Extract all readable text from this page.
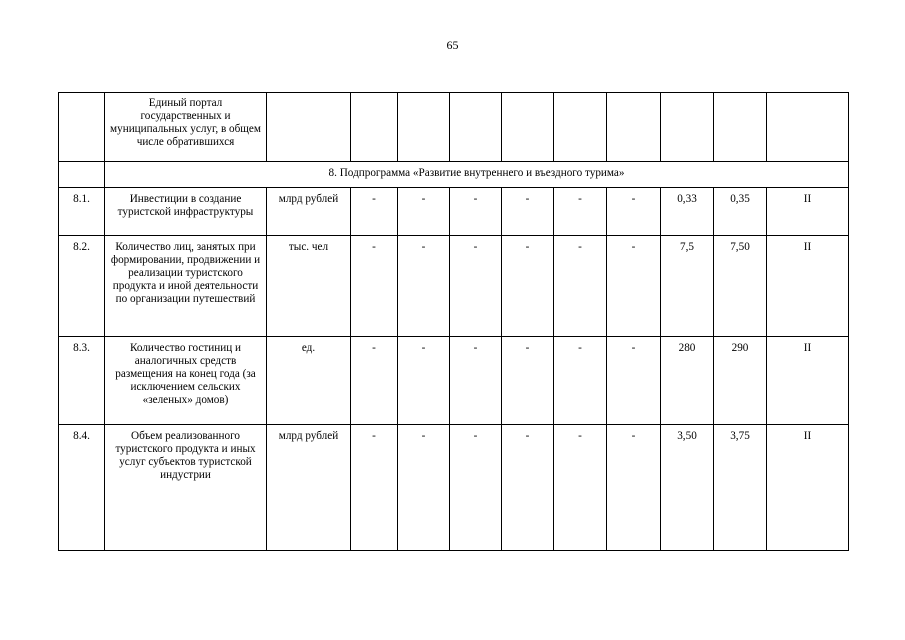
65
	Единый портал государственных и муниципальных услуг, в общем числе обратившихся										
	8. Подпрограмма «Развитие внутреннего и въездного турима»										
8.1.	Инвестиции в создание туристской инфраструктуры	млрд рублей	-	-	-	-	-	-	0,33	0,35	II
8.2.	Количество лиц, занятых при формировании, продвижении и реализации туристского продукта и иной деятельности по организации путешествий	тыс. чел	-	-	-	-	-	-	7,5	7,50	II
8.3.	Количество гостиниц и аналогичных средств размещения на конец года (за исключением сельских «зеленых» домов)	ед.	-	-	-	-	-	-	280	290	II
8.4.	Объем реализованного туристского продукта и иных услуг субъектов туристской индустрии	млрд рублей	-	-	-	-	-	-	3,50	3,75	II
